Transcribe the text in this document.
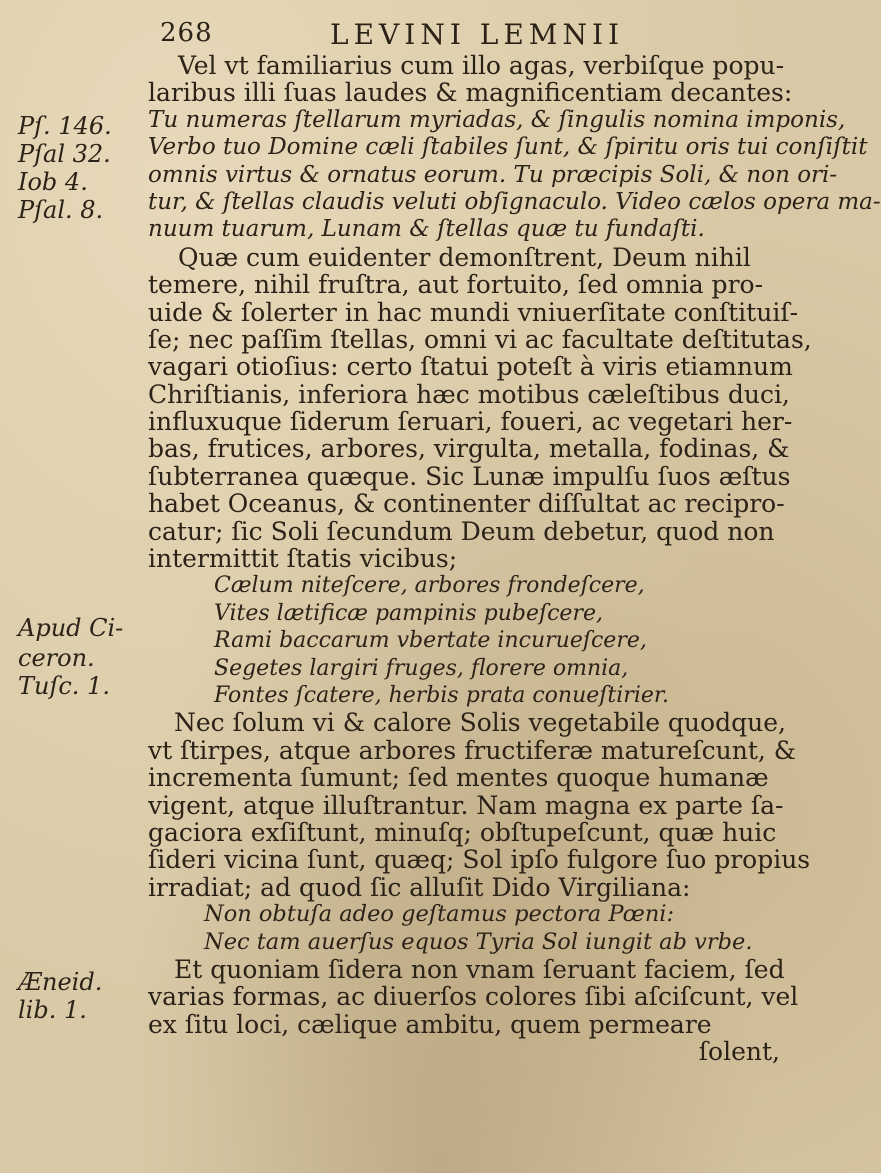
268	LEVINI LEMNII
Pſ. 146.
Pſal 32.
Iob 4.
Pſal. 8.
Apud Ci-
ceron.
Tuſc. 1.
Æneid.
lib. 1.
Vel vt familiarius cum illo agas, verbiſque popu-
laribus illi ſuas laudes & magnificentiam decantes:
Tu numeras ſtellarum myriadas, & ſingulis nomina imponis,
Verbo tuo Domine cæli ſtabiles ſunt, & ſpiritu oris tui conſiſtit
omnis virtus & ornatus eorum. Tu præcipis Soli, & non ori-
tur, & ſtellas claudis veluti obſignaculo. Video cælos opera ma-
nuum tuarum, Lunam & ſtellas quæ tu fundaſti.
Quæ cum euidenter demonſtrent, Deum nihil
temere, nihil fruſtra, aut fortuito, ſed omnia pro-
uide & ſolerter in hac mundi vniuerſitate conſtituiſ-
ſe; nec paſſim ſtellas, omni vi ac facultate deſtitutas,
vagari otioſius: certo ſtatui poteſt à viris etiamnum
Chriſtianis, inferiora hæc motibus cæleſtibus duci,
influxuque ſiderum ſeruari, foueri, ac vegetari her-
bas, frutices, arbores, virgulta, metalla, fodinas, &
ſubterranea quæque. Sic Lunæ impulſu ſuos æſtus
habet Oceanus, & continenter diſſultat ac recipro-
catur; ſic Soli ſecundum Deum debetur, quod non
intermittit ſtatis vicibus;
Cælum niteſcere, arbores frondeſcere,
Vites lætificæ pampinis pubeſcere,
Rami baccarum vbertate incurueſcere,
Segetes largiri fruges, florere omnia,
Fontes ſcatere, herbis prata conueſtirier.
Nec ſolum vi & calore Solis vegetabile quodque,
vt ſtirpes, atque arbores fructiferæ matureſcunt, &
incrementa ſumunt; ſed mentes quoque humanæ
vigent, atque illuſtrantur. Nam magna ex parte ſa-
gaciora exſiſtunt, minuſq; obſtupeſcunt, quæ huic
ſideri vicina ſunt, quæq; Sol ipſo fulgore ſuo propius
irradiat; ad quod ſic alluſit Dido Virgiliana:
Non obtuſa adeo geſtamus pectora Pœni:
Nec tam auerſus equos Tyria Sol iungit ab vrbe.
Et quoniam ſidera non vnam ſeruant faciem, ſed
varias formas, ac diuerſos colores ſibi aſciſcunt, vel
ex ſitu loci, cælique ambitu, quem permeare
ſolent,
